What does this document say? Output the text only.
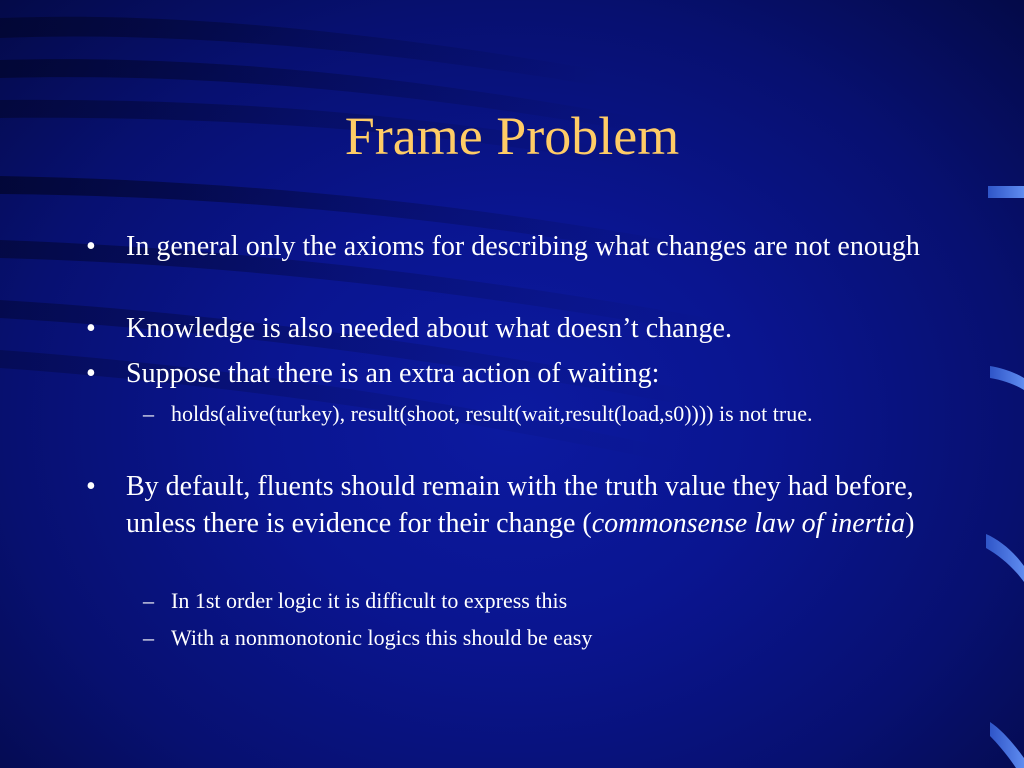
Frame Problem
• In general only the axioms for describing what changes are not enough
• Knowledge is also needed about what doesn’t change.
• Suppose that there is an extra action of waiting:
– holds(alive(turkey), result(shoot, result(wait,result(load,s0)))) is not true.
• By default, fluents should remain with the truth value they had before, unless there is evidence for their change (commonsense law of inertia)
– In 1st order logic it is difficult to express this
– With a nonmonotonic logics this should be easy
